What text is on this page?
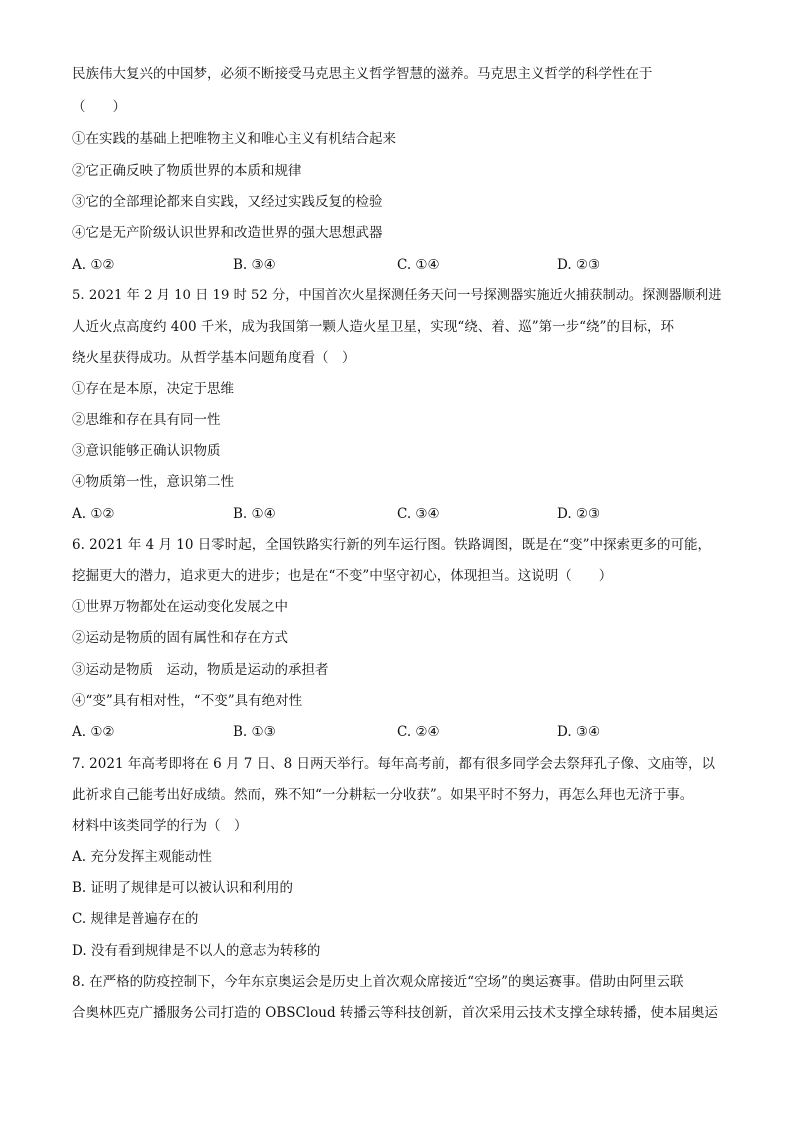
民族伟大复兴的中国梦，必须不断接受马克思主义哲学智慧的滋养。马克思主义哲学的科学性在于
（　　）
①在实践的基础上把唯物主义和唯心主义有机结合起来
②它正确反映了物质世界的本质和规律
③它的全部理论都来自实践，又经过实践反复的检验
④它是无产阶级认识世界和改造世界的强大思想武器
A. ①②	B. ③④	C. ①④	D. ②③
5. 2021 年 2 月 10 日 19 时 52 分，中国首次火星探测任务天问一号探测器实施近火捕获制动。探测器顺利进
人近火点高度约 400 千米，成为我国第一颗人造火星卫星，实现“绕、着、巡”第一步“绕”的目标，环
绕火星获得成功。从哲学基本问题角度看（　）
①存在是本原，决定于思维
②思维和存在具有同一性
③意识能够正确认识物质
④物质第一性，意识第二性
A. ①②	B. ①④	C. ③④	D. ②③
6. 2021 年 4 月 10 日零时起，全国铁路实行新的列车运行图。铁路调图，既是在“变”中探索更多的可能，
挖掘更大的潜力，追求更大的进步；也是在“不变”中坚守初心，体现担当。这说明（　　）
①世界万物都处在运动变化发展之中
②运动是物质的固有属性和存在方式
③运动是物质　运动，物质是运动的承担者
④“变”具有相对性，“不变”具有绝对性
A. ①②	B. ①③	C. ②④	D. ③④
7. 2021 年高考即将在 6 月 7 日、8 日两天举行。每年高考前，都有很多同学会去祭拜孔子像、文庙等，以
此祈求自己能考出好成绩。然而，殊不知“一分耕耘一分收获”。如果平时不努力，再怎么拜也无济于事。
材料中该类同学的行为（　）
A. 充分发挥主观能动性
B. 证明了规律是可以被认识和利用的
C. 规律是普遍存在的
D. 没有看到规律是不以人的意志为转移的
8. 在严格的防疫控制下，今年东京奥运会是历史上首次观众席接近“空场”的奥运赛事。借助由阿里云联
合奥林匹克广播服务公司打造的 OBSCloud 转播云等科技创新，首次采用云技术支撑全球转播，使本届奥运
